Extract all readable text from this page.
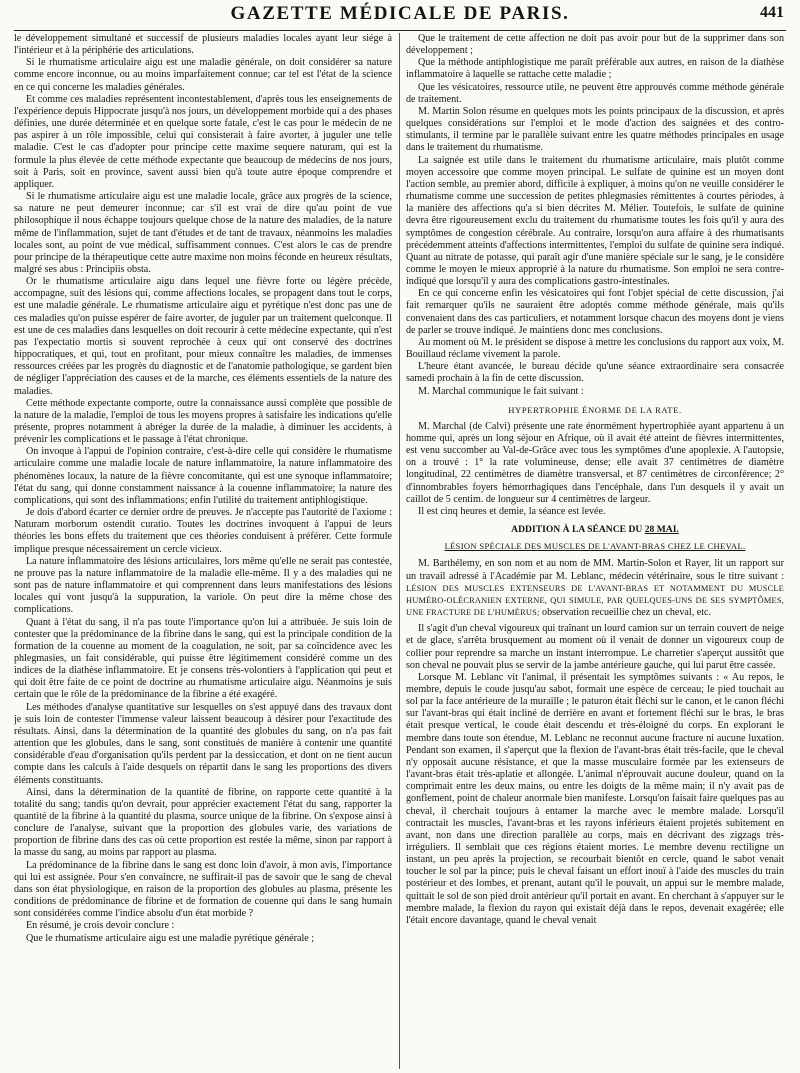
GAZETTE MÉDICALE DE PARIS.	441

le développement simultané et successif de plusieurs maladies locales ayant leur siége à l'intérieur et à la périphérie des articulations.

Si le rhumatisme articulaire aigu est une maladie générale, on doit considérer sa nature comme encore inconnue, ou au moins imparfaitement connue; car tel est l'état de la science en ce qui concerne les maladies générales.

Et comme ces maladies représentent incontestablement, d'après tous les enseignements de l'expérience depuis Hippocrate jusqu'à nos jours, un développement morbide qui a des phases définies, une durée déterminée et en quelque sorte fatale, c'est le cas pour le médecin de ne pas aspirer à un rôle impossible, celui qui consisterait à faire avorter, à juguler une telle maladie. C'est le cas d'adopter pour principe cette maxime sequere naturam, qui est la formule la plus élevée de cette méthode expectante que beaucoup de médecins de nos jours, soit à Paris, soit en province, savent aussi bien qu'à toute autre époque comprendre et appliquer.

Si le rhumatisme articulaire aigu est une maladie locale, grâce aux progrès de la science, sa nature ne peut demeurer inconnue; car s'il est vrai de dire qu'au point de vue philosophique il nous échappe toujours quelque chose de la nature des maladies, de la nature même de l'inflammation, sujet de tant d'études et de tant de travaux, néanmoins les maladies locales sont, au point de vue médical, suffisamment connues. C'est alors le cas de prendre pour principe de la thérapeutique cette autre maxime non moins féconde en heureux résultats, malgré ses abus : Principiis obsta.

Or le rhumatisme articulaire aigu dans lequel une fièvre forte ou légère précède, accompagne, suit des lésions qui, comme affections locales, se propagent dans tout le corps, est une maladie générale. Le rhumatisme articulaire aigu et pyrétique n'est donc pas une de ces maladies qu'on puisse espérer de faire avorter, de juguler par un traitement quelconque. Il est une de ces maladies dans lesquelles on doit recourir à cette médecine expectante, qui n'est pas l'expectatio mortis si souvent reprochée à ceux qui ont conservé des doctrines hippocratiques, et qui, tout en profitant, pour mieux connaître les maladies, de immenses ressources créées par les progrès du diagnostic et de l'anatomie pathologique, se gardent bien de négliger l'appréciation des causes et de la marche, ces éléments essentiels de la nature des maladies.

Cette méthode expectante comporte, outre la connaissance aussi complète que possible de la nature de la maladie, l'emploi de tous les moyens propres à satisfaire les indications qu'elle présente, propres notamment à abréger la durée de la maladie, à diminuer les accidents, à prévenir les complications et le passage à l'état chronique.

On invoque à l'appui de l'opinion contraire, c'est-à-dire celle qui considère le rhumatisme articulaire comme une maladie locale de nature inflammatoire, la nature inflammatoire des phénomènes locaux, la nature de la fièvre concomitante, qui est une synoque inflammatoire; l'état du sang, qui donne constamment naissance à la couenne inflammatoire; la nature des complications, qui sont des inflammations; enfin l'utilité du traitement antiphlogistique.

Je dois d'abord écarter ce dernier ordre de preuves. Je n'accepte pas l'autorité de l'axiome : Naturam morborum ostendit curatio. Toutes les doctrines invoquent à l'appui de leurs théories les bons effets du traitement que ces théories conduisent à préférer. Cette formule implique presque nécessairement un cercle vicieux.

La nature inflammatoire des lésions articulaires, lors même qu'elle ne serait pas contestée, ne prouve pas la nature inflammatoire de la maladie elle-même. Il y a des maladies qui ne sont pas de nature inflammatoire et qui comprennent dans leurs manifestations des lésions locales qui vont jusqu'à la suppuration, la variole. On peut dire la même chose des complications.

Quant à l'état du sang, il n'a pas toute l'importance qu'on lui a attribuée. Je suis loin de contester que la prédominance de la fibrine dans le sang, qui est la principale condition de la formation de la couenne au moment de la coagulation, ne soit, par sa coïncidence avec les phlegmasies, un fait considérable, qui puisse être légitimement considéré comme un des indices de la diathèse inflammatoire. Et je consens très-volontiers à l'application qui peut et qui doit être faite de ce point de doctrine au rhumatisme articulaire aigu. Néanmoins je suis certain que le rôle de la prédominance de la fibrine a été exagéré.

Les méthodes d'analyse quantitative sur lesquelles on s'est appuyé dans des travaux dont je suis loin de contester l'immense valeur laissent beaucoup à désirer pour l'exactitude des résultats. Ainsi, dans la détermination de la quantité des globules du sang, on n'a pas fait attention que les globules, dans le sang, sont constitués de manière à contenir une quantité considérable d'eau d'organisation qu'ils perdent par la dessiccation, et dont on ne tient aucun compte dans les calculs à l'aide desquels on répartit dans le sang les proportions des divers éléments constituants.

Ainsi, dans la détermination de la quantité de fibrine, on rapporte cette quantité à la totalité du sang; tandis qu'on devrait, pour apprécier exactement l'état du sang, rapporter la quantité de la fibrine à la quantité du plasma, source unique de la fibrine. On s'expose ainsi à conclure de l'analyse, suivant que la proportion des globules varie, des variations de proportion de fibrine dans des cas où cette proportion est restée la même, sinon par rapport à la masse du sang, au moins par rapport au plasma.

La prédominance de la fibrine dans le sang est donc loin d'avoir, à mon avis, l'importance qui lui est assignée. Pour s'en convaincre, ne suffirait-il pas de savoir que le sang de cheval dans son état physiologique, en raison de la proportion des globules au plasma, présente les conditions de prédominance de fibrine et de formation de couenne qui dans le sang humain sont considérées comme l'indice absolu d'un état morbide ?

En résumé, je crois devoir conclure :

Que le rhumatisme articulaire aigu est une maladie pyrétique générale ;

Que le traitement de cette affection ne doit pas avoir pour but de la supprimer dans son développement ;

Que la méthode antiphlogistique me paraît préférable aux autres, en raison de la diathèse inflammatoire à laquelle se rattache cette maladie ;

Que les vésicatoires, ressource utile, ne peuvent être approuvés comme méthode générale de traitement.

M. Martin Solon résume en quelques mots les points principaux de la discussion, et après quelques considérations sur l'emploi et le mode d'action des saignées et des contro-stimulants, il termine par le parallèle suivant entre les quatre méthodes principales en usage dans le traitement du rhumatisme.

La saignée est utile dans le traitement du rhumatisme articulaire, mais plutôt comme moyen accessoire que comme moyen principal. Le sulfate de quinine est un moyen dont l'action semble, au premier abord, difficile à expliquer, à moins qu'on ne veuille considérer le rhumatisme comme une succession de petites phlegmasies rémittentes à courtes périodes, à la manière des affections qu'a si bien décrites M. Mélier. Toutefois, le sulfate de quinine devra être rigoureusement exclu du traitement du rhumatisme toutes les fois qu'il y aura des symptômes de congestion cérébrale. Au contraire, lorsqu'on aura affaire à des rhumatisants précédemment atteints d'affections intermittentes, l'emploi du sulfate de quinine sera indiqué. Quant au nitrate de potasse, qui paraît agir d'une manière spéciale sur le sang, je le considère comme le moyen le mieux approprié à la nature du rhumatisme. Son emploi ne sera contre-indiqué que lorsqu'il y aura des complications gastro-intestinales.

En ce qui concerne enfin les vésicatoires qui font l'objet spécial de cette discussion, j'ai fait remarquer qu'ils ne sauraient être adoptés comme méthode générale, mais qu'ils convenaient dans des cas particuliers, et notamment lorsque chacun des moyens dont je viens de parler se trouve indiqué. Je maintiens donc mes conclusions.

Au moment où M. le président se dispose à mettre les conclusions du rapport aux voix, M. Bouillaud réclame vivement la parole.

L'heure étant avancée, le bureau décide qu'une séance extraordinaire sera consacrée samedi prochain à la fin de cette discussion.

M. Marchal communique le fait suivant :

HYPERTROPHIE ÉNORME DE LA RATE.

M. Marchal (de Calvi) présente une rate énormément hypertrophiée ayant appartenu à un homme qui, après un long séjour en Afrique, où il avait été atteint de fièvres intermittentes, est venu succomber au Val-de-Grâce avec tous les symptômes d'une apoplexie. A l'autopsie, on a trouvé : 1° la rate volumineuse, dense; elle avait 37 centimètres de diamètre longitudinal, 22 centimètres de diamètre transversal, et 87 centimètres de circonférence; 2° d'innombrables foyers hémorrhagiques dans l'encéphale, dans l'un desquels il y avait un caillot de 5 centim. de longueur sur 4 centimètres de largeur.

Il est cinq heures et demie, la séance est levée.

ADDITION À LA SÉANCE DU 28 MAI.
LÉSION SPÉCIALE DES MUSCLES DE L'AVANT-BRAS CHEZ LE CHEVAL.

M. Barthélemy, en son nom et au nom de MM. Martin-Solon et Rayer, lit un rapport sur un travail adressé à l'Académie par M. Leblanc, médecin vétérinaire, sous le titre suivant : LÉSION DES MUSCLES EXTENSEURS DE L'AVANT-BRAS ET NOTAMMENT DU MUSCLE HUMÉRO-OLÉCRANIEN EXTERNE, QUI SIMULE, PAR QUELQUES-UNS DE SES SYMPTÔMES, UNE FRACTURE DE L'HUMÉRUS; observation recueillie chez un cheval, etc.

Il s'agit d'un cheval vigoureux qui traînant un lourd camion sur un terrain couvert de neige et de glace, s'arrêta brusquement au moment où il venait de donner un vigoureux coup de collier pour reprendre sa marche un instant interrompue. Le charretier s'aperçut aussitôt que son cheval ne pouvait plus se servir de la jambe antérieure gauche, qui lui parut être cassée.

Lorsque M. Leblanc vit l'animal, il présentait les symptômes suivants : « Au repos, le membre, depuis le coude jusqu'au sabot, formait une espèce de cerceau; le pied touchait au sol par la face antérieure de la muraille ; le paturon était fléchi sur le canon, et le canon fléchi sur l'avant-bras qui était incliné de derrière en avant et fortement fléchi sur le bras, le bras était presque vertical, le coude était descendu et très-éloigné du corps. En explorant le membre dans toute son étendue, M. Leblanc ne reconnut aucune fracture ni aucune luxation. Pendant son examen, il s'aperçut que la flexion de l'avant-bras était très-facile, que le cheval n'y opposait aucune résistance, et que la masse musculaire formée par les extenseurs de l'avant-bras était très-aplatie et allongée. L'animal n'éprouvait aucune douleur, quand on la comprimait entre les deux mains, ou entre les doigts de la même main; il n'y avait pas de gonflement, point de chaleur anormale bien manifeste. Lorsqu'on faisait faire quelques pas au cheval, il cherchait toujours à entamer la marche avec le membre malade. Lorsqu'il contractait les muscles, l'avant-bras et les rayons inférieurs étaient projetés subitement en avant, non dans une direction parallèle au corps, mais en décrivant des zigzags très-irréguliers. Il semblait que ces régions étaient mortes. Le membre devenu rectiligne un instant, un peu après la projection, se recourbait bientôt en cercle, quand le sabot venait toucher le sol par la pince; puis le cheval faisant un effort inouï à l'aide des muscles du train postérieur et des lombes, et prenant, autant qu'il le pouvait, un appui sur le membre malade, quittait le sol de son pied droit antérieur qu'il portait en avant. En cherchant à s'appuyer sur le membre malade, la flexion du rayon qui existait déjà dans le repos, devenait exagérée; elle l'était encore davantage, quand le cheval venait
